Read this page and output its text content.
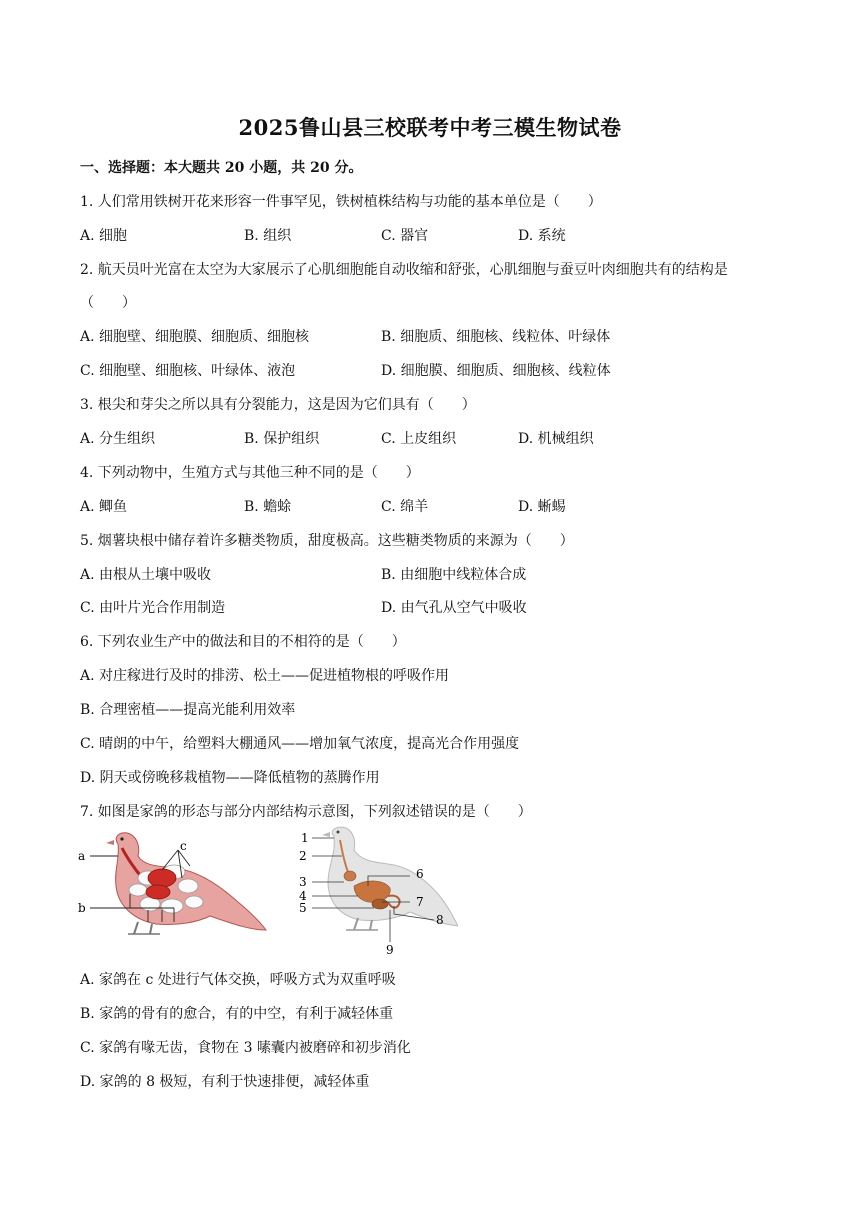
2025鲁山县三校联考中考三模生物试卷
一、选择题：本大题共 20 小题，共 20 分。
1. 人们常用铁树开花来形容一件事罕见，铁树植株结构与功能的基本单位是（　　）
A. 细胞	B. 组织	C. 器官	D. 系统
2. 航天员叶光富在太空为大家展示了心肌细胞能自动收缩和舒张，心肌细胞与蚕豆叶肉细胞共有的结构是
（　　）
A. 细胞壁、细胞膜、细胞质、细胞核	B. 细胞质、细胞核、线粒体、叶绿体
C. 细胞壁、细胞核、叶绿体、液泡	D. 细胞膜、细胞质、细胞核、线粒体
3. 根尖和芽尖之所以具有分裂能力，这是因为它们具有（　　）
A. 分生组织	B. 保护组织	C. 上皮组织	D. 机械组织
4. 下列动物中，生殖方式与其他三种不同的是（　　）
A. 鲫鱼	B. 蟾蜍	C. 绵羊	D. 蜥蜴
5. 烟薯块根中储存着许多糖类物质，甜度极高。这些糖类物质的来源为（　　）
A. 由根从土壤中吸收	B. 由细胞中线粒体合成
C. 由叶片光合作用制造	D. 由气孔从空气中吸收
6. 下列农业生产中的做法和目的不相符的是（　　）
A. 对庄稼进行及时的排涝、松土——促进植物根的呼吸作用
B. 合理密植——提高光能利用效率
C. 晴朗的中午，给塑料大棚通风——增加氧气浓度，提高光合作用强度
D. 阴天或傍晚移栽植物——降低植物的蒸腾作用
7. 如图是家鸽的形态与部分内部结构示意图，下列叙述错误的是（　　）
a
b
c
1
2
3
4
5
6
7
8
9
A. 家鸽在 c 处进行气体交换，呼吸方式为双重呼吸
B. 家鸽的骨有的愈合，有的中空，有利于减轻体重
C. 家鸽有喙无齿，食物在 3 嗉囊内被磨碎和初步消化
D. 家鸽的 8 极短，有利于快速排便，减轻体重
